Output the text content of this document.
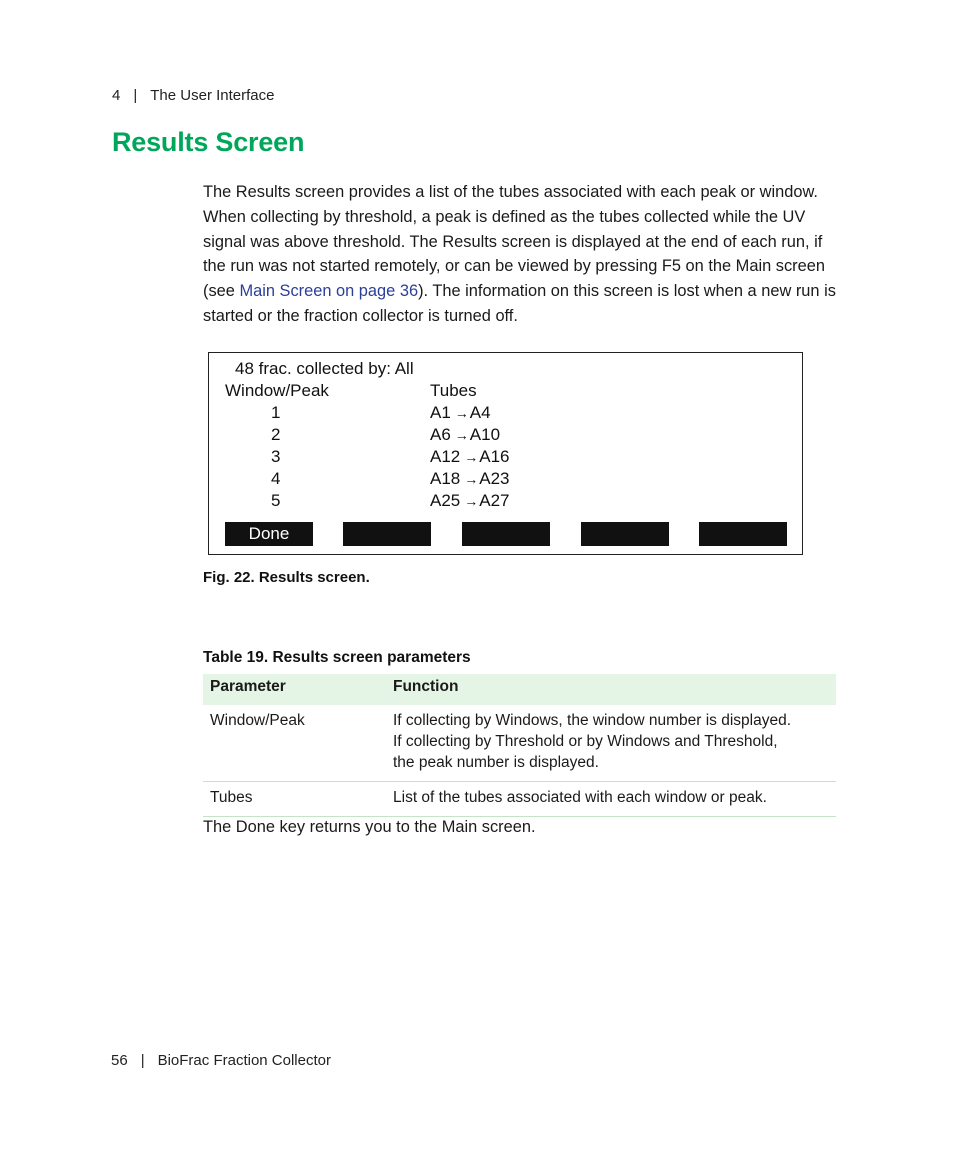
4 | The User Interface
Results Screen

The Results screen provides a list of the tubes associated with each peak or window. When collecting by threshold, a peak is defined as the tubes collected while the UV signal was above threshold. The Results screen is displayed at the end of each run, if the run was not started remotely, or can be viewed by pressing F5 on the Main screen (see Main Screen on page 36). The information on this screen is lost when a new run is started or the fraction collector is turned off.

48 frac. collected by: All
Window/Peak	Tubes
1	A1 →A4
2	A6 →A10
3	A12 →A16
4	A18 →A23
5	A25 →A27
Done
Fig. 22. Results screen.
Table 19. Results screen parameters
Parameter	Function
Window/Peak	If collecting by Windows, the window number is displayed.
If collecting by Threshold or by Windows and Threshold,
the peak number is displayed.

Tubes	List of the tubes associated with each window or peak.

The Done key returns you to the Main screen.

56 | BioFrac Fraction Collector
